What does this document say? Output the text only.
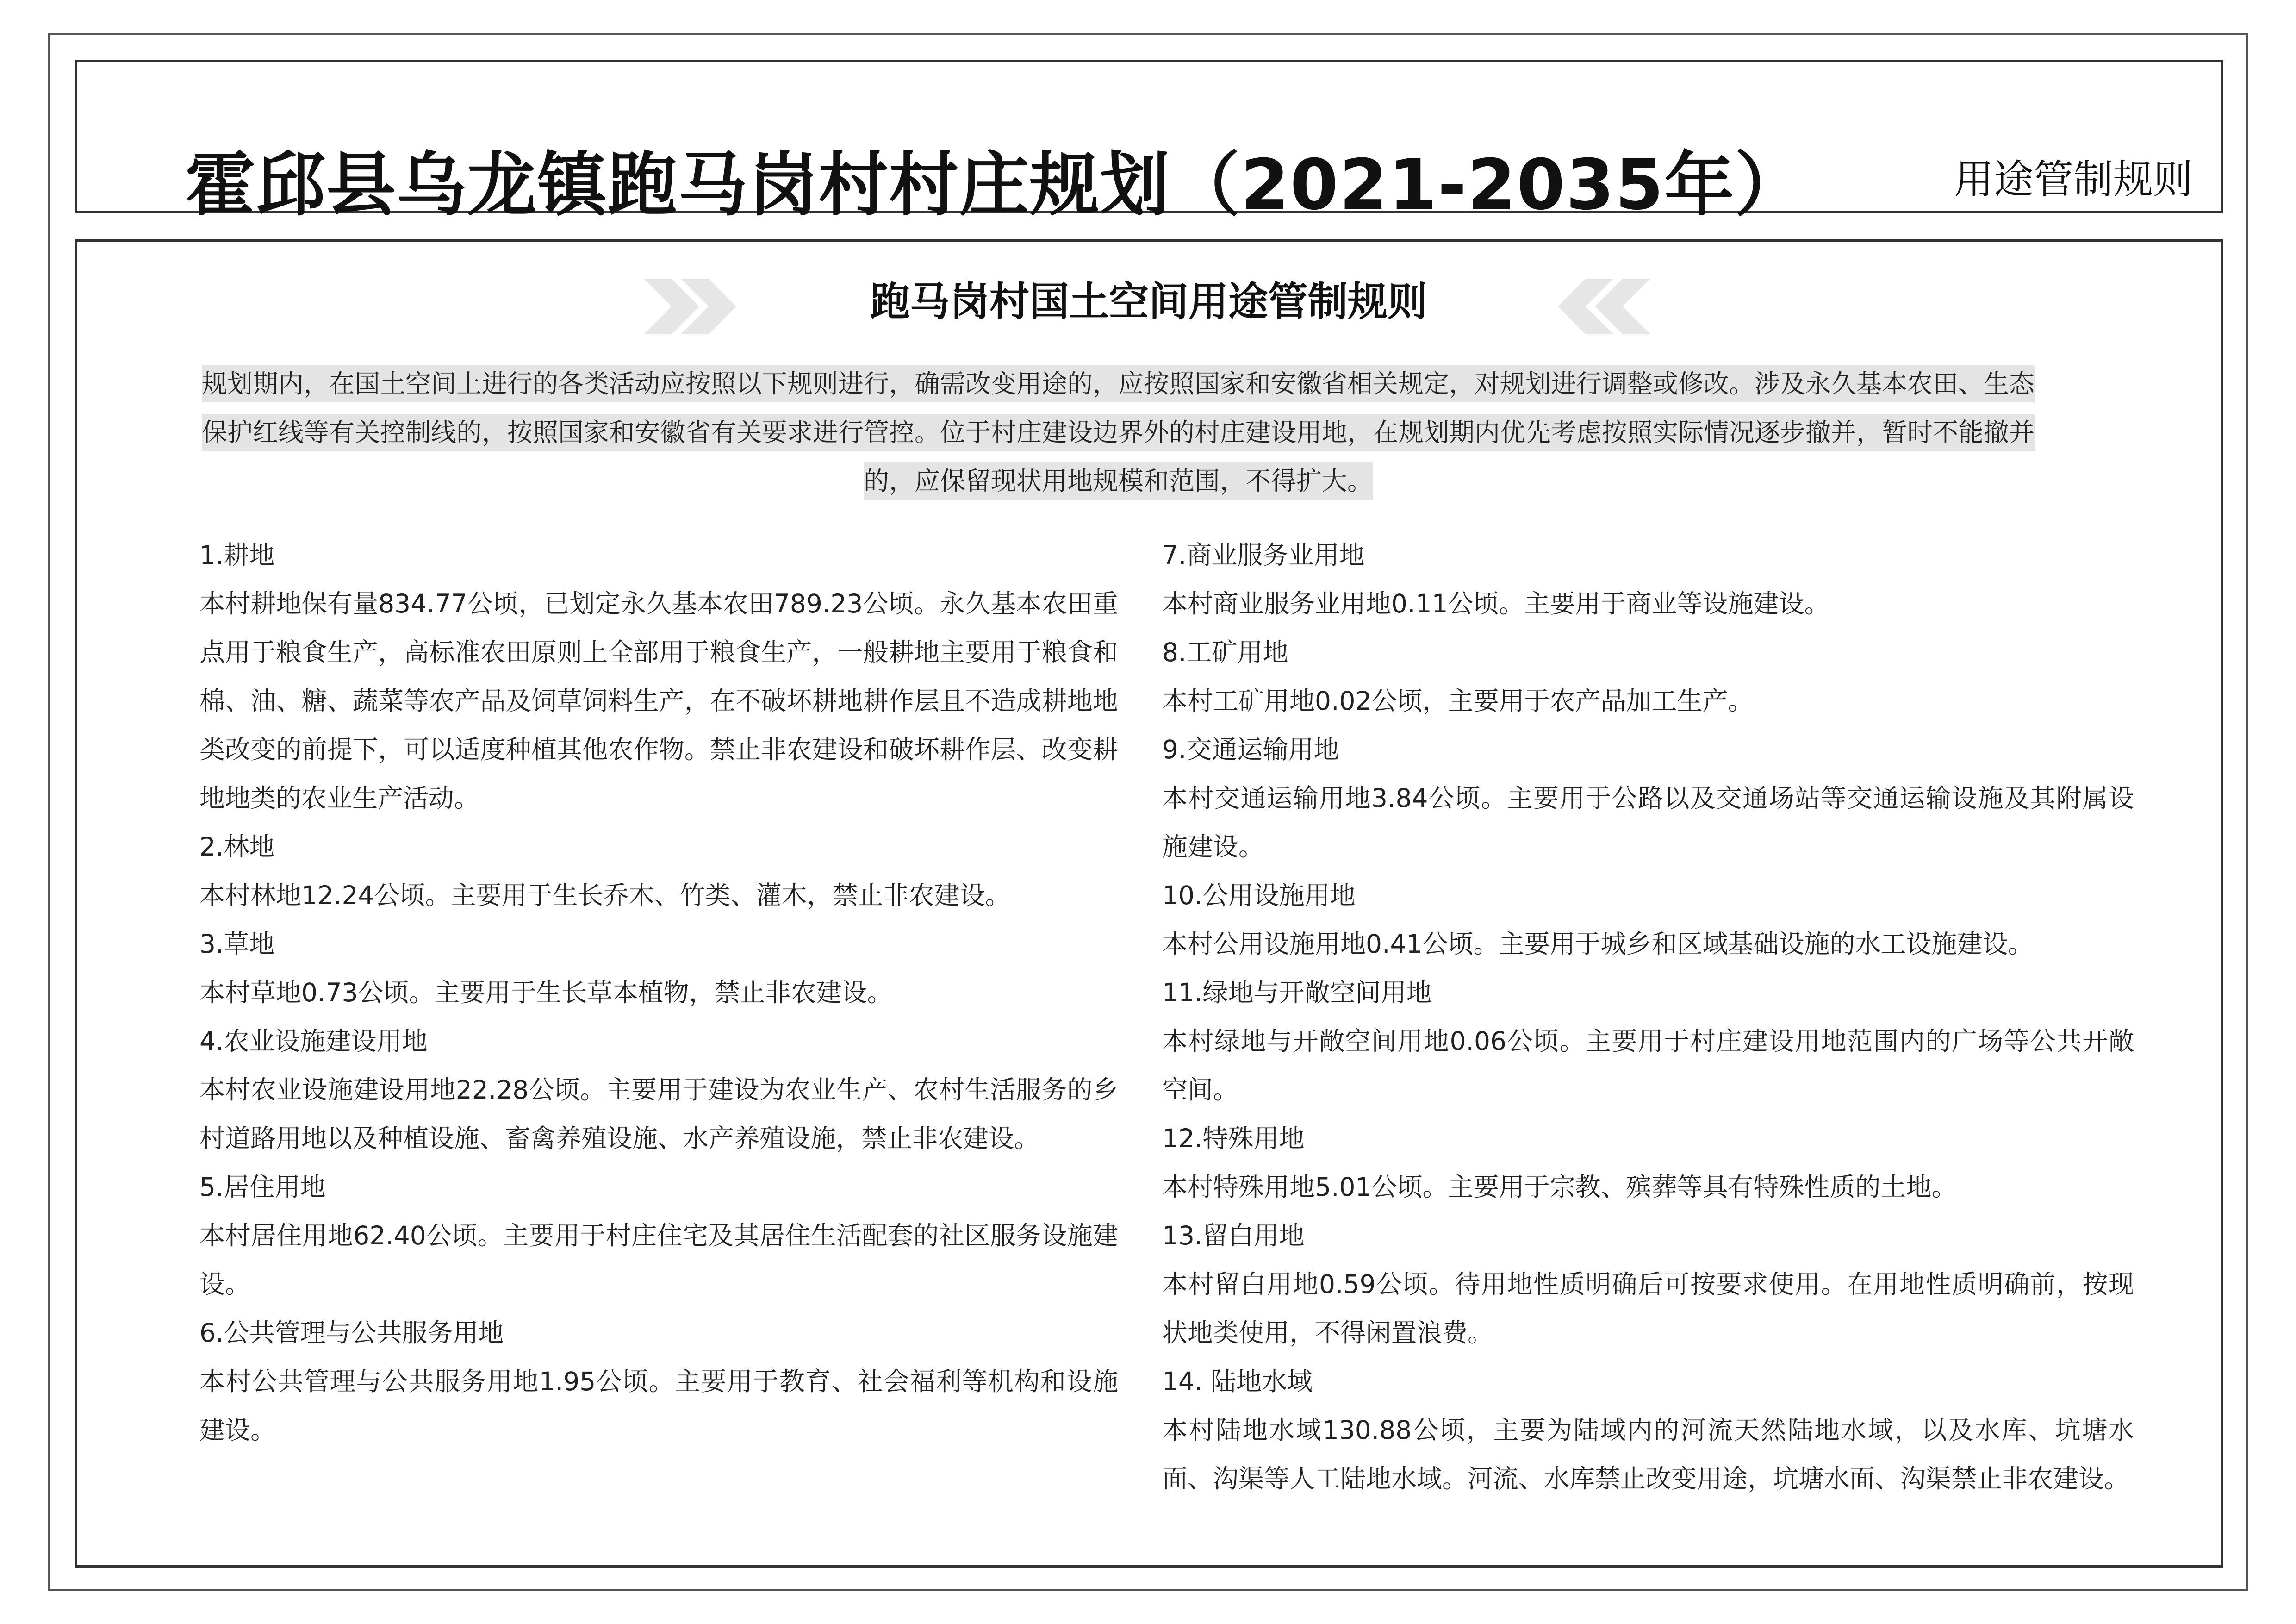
霍邱县乌龙镇跑马岗村村庄规划（2021-2035年）	用途管制规则
跑马岗村国土空间用途管制规则
规划期内，在国土空间上进行的各类活动应按照以下规则进行，确需改变用途的，应按照国家和安徽省相关规定，对规划进行调整或修改。涉及永久基本农田、生态保护红线等有关控制线的，按照国家和安徽省有关要求进行管控。位于村庄建设边界外的村庄建设用地，在规划期内优先考虑按照实际情况逐步撤并，暂时不能撤并的，应保留现状用地规模和范围，不得扩大。

1.耕地

本村耕地保有量834.77公顷，已划定永久基本农田789.23公顷。永久基本农田重点用于粮食生产，高标准农田原则上全部用于粮食生产，一般耕地主要用于粮食和棉、油、糖、蔬菜等农产品及饲草饲料生产，在不破坏耕地耕作层且不造成耕地地类改变的前提下，可以适度种植其他农作物。禁止非农建设和破坏耕作层、改变耕地地类的农业生产活动。

2.林地

本村林地12.24公顷。主要用于生长乔木、竹类、灌木，禁止非农建设。

3.草地

本村草地0.73公顷。主要用于生长草本植物，禁止非农建设。

4.农业设施建设用地

本村农业设施建设用地22.28公顷。主要用于建设为农业生产、农村生活服务的乡村道路用地以及种植设施、畜禽养殖设施、水产养殖设施，禁止非农建设。

5.居住用地

本村居住用地62.40公顷。主要用于村庄住宅及其居住生活配套的社区服务设施建设。

6.公共管理与公共服务用地

本村公共管理与公共服务用地1.95公顷。主要用于教育、社会福利等机构和设施建设。

7.商业服务业用地

本村商业服务业用地0.11公顷。主要用于商业等设施建设。

8.工矿用地

本村工矿用地0.02公顷，主要用于农产品加工生产。

9.交通运输用地

本村交通运输用地3.84公顷。主要用于公路以及交通场站等交通运输设施及其附属设施建设。

10.公用设施用地

本村公用设施用地0.41公顷。主要用于城乡和区域基础设施的水工设施建设。

11.绿地与开敞空间用地

本村绿地与开敞空间用地0.06公顷。主要用于村庄建设用地范围内的广场等公共开敞空间。

12.特殊用地

本村特殊用地5.01公顷。主要用于宗教、殡葬等具有特殊性质的土地。

13.留白用地

本村留白用地0.59公顷。待用地性质明确后可按要求使用。在用地性质明确前，按现状地类使用，不得闲置浪费。

14. 陆地水域

本村陆地水域130.88公顷，主要为陆域内的河流天然陆地水域，以及水库、坑塘水面、沟渠等人工陆地水域。河流、水库禁止改变用途，坑塘水面、沟渠禁止非农建设。
